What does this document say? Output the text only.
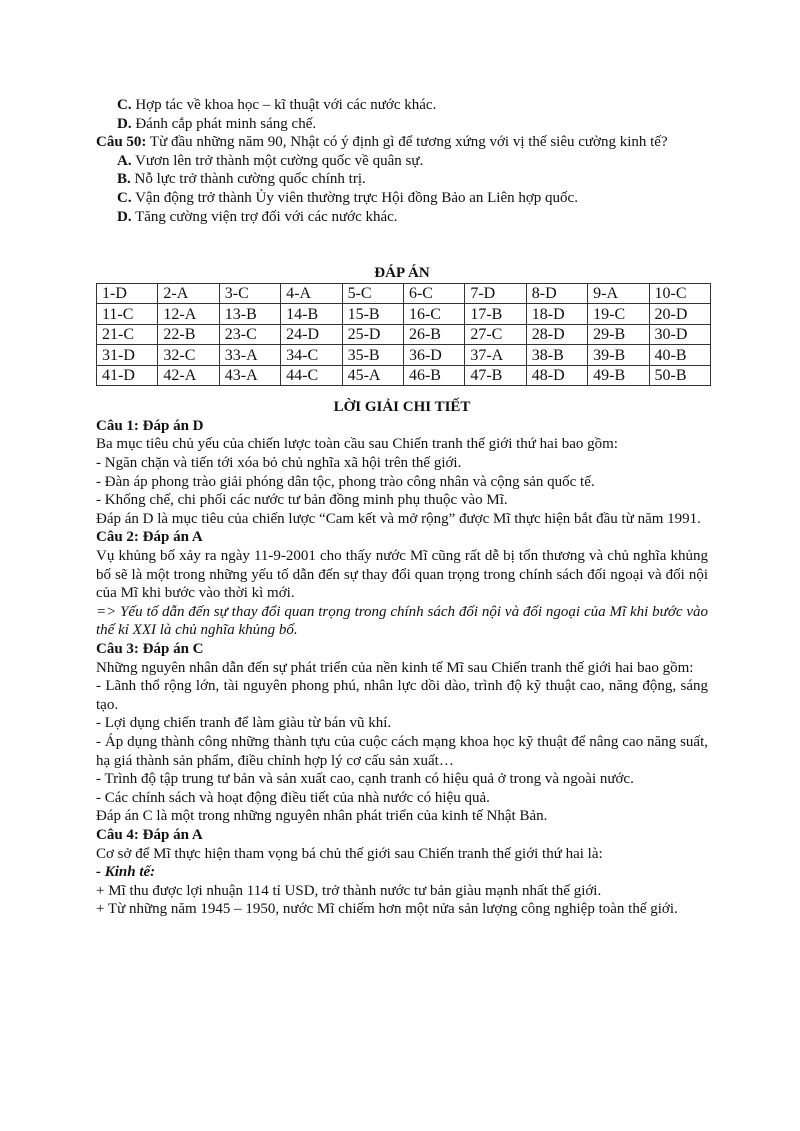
C. Hợp tác về khoa học – kĩ thuật với các nước khác.

D. Đánh cắp phát minh sáng chế.

Câu 50: Từ đầu những năm 90, Nhật có ý định gì để tương xứng với vị thế siêu cường kinh tế?

A. Vươn lên trở thành một cường quốc về quân sự.

B. Nỗ lực trở thành cường quốc chính trị.

C. Vận động trở thành Ủy viên thường trực Hội đồng Bảo an Liên hợp quốc.

D. Tăng cường viện trợ đối với các nước khác.

ĐÁP ÁN

1-D	2-A	3-C	4-A	5-C	6-C	7-D	8-D	9-A	10-C
11-C	12-A	13-B	14-B	15-B	16-C	17-B	18-D	19-C	20-D
21-C	22-B	23-C	24-D	25-D	26-B	27-C	28-D	29-B	30-D
31-D	32-C	33-A	34-C	35-B	36-D	37-A	38-B	39-B	40-B
41-D	42-A	43-A	44-C	45-A	46-B	47-B	48-D	49-B	50-B

LỜI GIẢI CHI TIẾT

Câu 1: Đáp án D

Ba mục tiêu chủ yếu của chiến lược toàn cầu sau Chiến tranh thế giới thứ hai bao gồm:

- Ngăn chặn và tiến tới xóa bỏ chủ nghĩa xã hội trên thế giới.

- Đàn áp phong trào giải phóng dân tộc, phong trào công nhân và cộng sản quốc tế.

- Khống chế, chi phối các nước tư bản đồng minh phụ thuộc vào Mĩ.

Đáp án D là mục tiêu của chiến lược “Cam kết và mở rộng” được Mĩ thực hiện bắt đầu từ năm 1991.

Câu 2: Đáp án A

Vụ khủng bố xảy ra ngày 11-9-2001 cho thấy nước Mĩ cũng rất dễ bị tổn thương và chủ nghĩa khủng bố sẽ là một trong những yếu tố dẫn đến sự thay đổi quan trọng trong chính sách đối ngoại và đối nội của Mĩ khi bước vào thời kì mới.

=> Yếu tố dẫn đến sự thay đổi quan trọng trong chính sách đối nội và đối ngoại của Mĩ khi bước vào thế kỉ XXI là chủ nghĩa khủng bố.

Câu 3: Đáp án C

Những nguyên nhân dẫn đến sự phát triển của nền kinh tế Mĩ sau Chiến tranh thế giới hai bao gồm:

- Lãnh thổ rộng lớn, tài nguyên phong phú, nhân lực dồi dào, trình độ kỹ thuật cao, năng động, sáng tạo.

- Lợi dụng chiến tranh để làm giàu từ bán vũ khí.

- Áp dụng thành công những thành tựu của cuộc cách mạng khoa học kỹ thuật để nâng cao năng suất, hạ giá thành sản phẩm, điều chỉnh hợp lý cơ cấu sản xuất…

- Trình độ tập trung tư bản và sản xuất cao, cạnh tranh có hiệu quả ở trong và ngoài nước.

- Các chính sách và hoạt động điều tiết của nhà nước có hiệu quả.

Đáp án C là một trong những nguyên nhân phát triển của kinh tế Nhật Bản.

Câu 4: Đáp án A

Cơ sở để Mĩ thực hiện tham vọng bá chủ thế giới sau Chiến tranh thế giới thứ hai là:

- Kinh tế:

+ Mĩ thu được lợi nhuận 114 tỉ USD, trở thành nước tư bản giàu mạnh nhất thế giới.

+ Từ những năm 1945 – 1950, nước Mĩ chiếm hơn một nửa sản lượng công nghiệp toàn thế giới.
